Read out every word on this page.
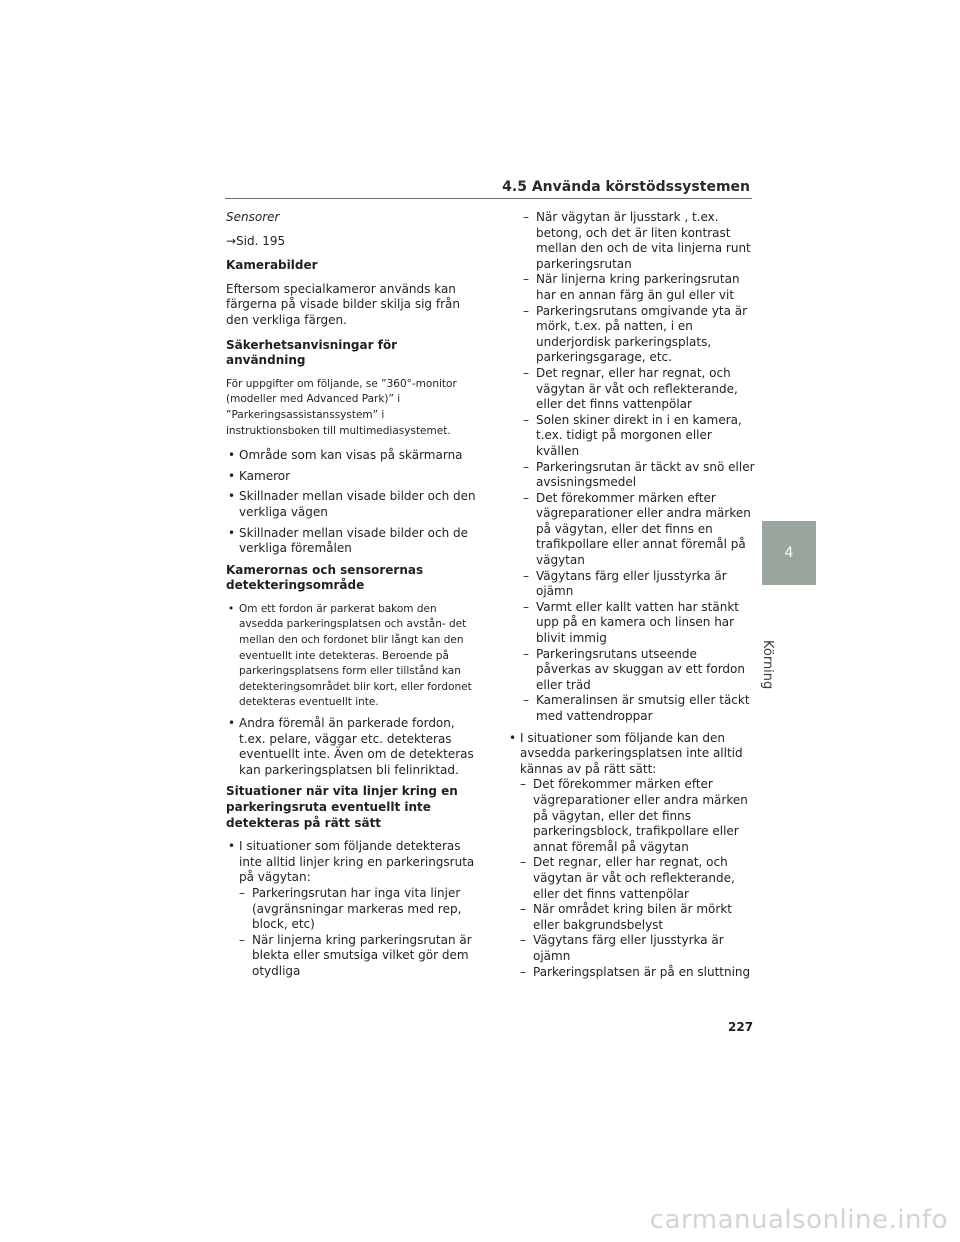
4.5 Använda körstödssystemen

Sensorer

→Sid. 195

Kamerabilder

Eftersom specialkameror används kan färgerna på visade bilder skilja sig från den verkliga färgen.

Säkerhetsanvisningar för användning

För uppgifter om följande, se ”360°-monitor (modeller med Advanced Park)” i ”Parkeringsassistanssystem” i instruktionsboken till multimediasystemet.

• Område som kan visas på skärmarna
• Kameror
• Skillnader mellan visade bilder och den verkliga vägen
• Skillnader mellan visade bilder och de verkliga föremålen

Kamerornas och sensorernas detekteringsområde

• Om ett fordon är parkerat bakom den avsedda parkeringsplatsen och avstån- det mellan den och fordonet blir långt kan den eventuellt inte detekteras. Beroende på parkeringsplatsens form eller tillstånd kan detekteringsområdet blir kort, eller fordonet detekteras eventuellt inte.
• Andra föremål än parkerade fordon, t.ex. pelare, väggar etc. detekteras eventuellt inte. Även om de detekteras kan parkeringsplatsen bli felinriktad.

Situationer när vita linjer kring en parkeringsruta eventuellt inte detekteras på rätt sätt

• I situationer som följande detekteras inte alltid linjer kring en parkeringsruta på vägytan:
– Parkeringsrutan har inga vita linjer (avgränsningar markeras med rep, block, etc)
– När linjerna kring parkeringsrutan är blekta eller smutsiga vilket gör dem otydliga
– När vägytan är ljusstark , t.ex. betong, och det är liten kontrast mellan den och de vita linjerna runt parkeringsrutan
– När linjerna kring parkeringsrutan har en annan färg än gul eller vit
– Parkeringsrutans omgivande yta är mörk, t.ex. på natten, i en underjordisk parkeringsplats, parkeringsgarage, etc.
– Det regnar, eller har regnat, och vägytan är våt och reflekterande, eller det finns vattenpölar
– Solen skiner direkt in i en kamera, t.ex. tidigt på morgonen eller kvällen
– Parkeringsrutan är täckt av snö eller avsisningsmedel
– Det förekommer märken efter vägreparationer eller andra märken på vägytan, eller det finns en trafikpollare eller annat föremål på vägytan
– Vägytans färg eller ljusstyrka är ojämn
– Varmt eller kallt vatten har stänkt upp på en kamera och linsen har blivit immig
– Parkeringsrutans utseende påverkas av skuggan av ett fordon eller träd
– Kameralinsen är smutsig eller täckt med vattendroppar
• I situationer som följande kan den avsedda parkeringsplatsen inte alltid kännas av på rätt sätt:
– Det förekommer märken efter vägreparationer eller andra märken på vägytan, eller det finns parkeringsblock, trafikpollare eller annat föremål på vägytan
– Det regnar, eller har regnat, och vägytan är våt och reflekterande, eller det finns vattenpölar
– När området kring bilen är mörkt eller bakgrundsbelyst
– Vägytans färg eller ljusstyrka är ojämn
– Parkeringsplatsen är på en sluttning
4
Körning
227
carmanualsonline.info
